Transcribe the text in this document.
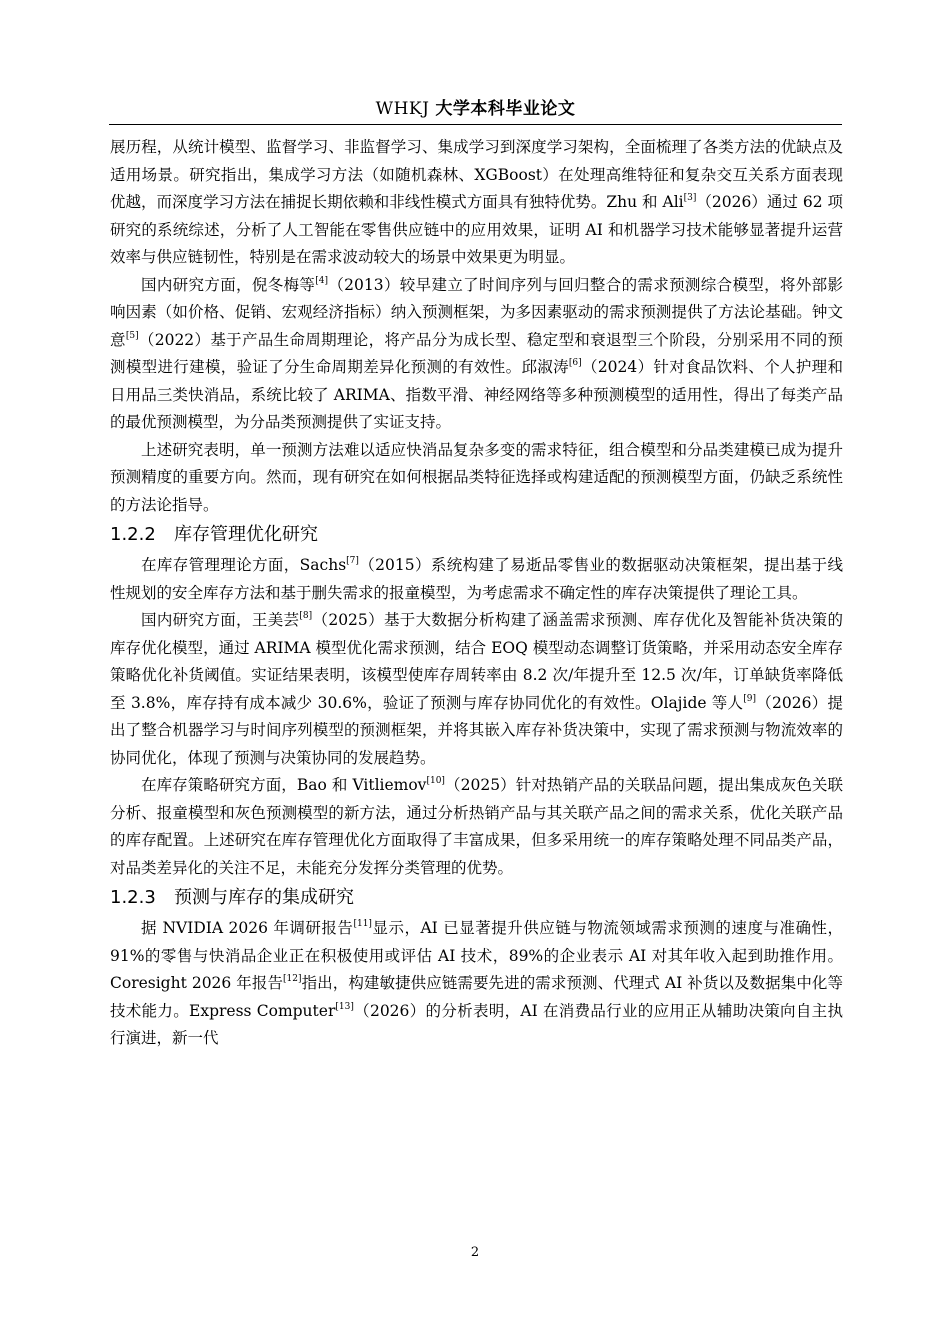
WHKJ 大学本科毕业论文

展历程，从统计模型、监督学习、非监督学习、集成学习到深度学习架构，全面梳理了各类方法的优缺点及适用场景。研究指出，集成学习方法（如随机森林、XGBoost）在处理高维特征和复杂交互关系方面表现优越，而深度学习方法在捕捉长期依赖和非线性模式方面具有独特优势。Zhu 和 Ali[3]（2026）通过 62 项研究的系统综述，分析了人工智能在零售供应链中的应用效果，证明 AI 和机器学习技术能够显著提升运营效率与供应链韧性，特别是在需求波动较大的场景中效果更为明显。

国内研究方面，倪冬梅等[4]（2013）较早建立了时间序列与回归整合的需求预测综合模型，将外部影响因素（如价格、促销、宏观经济指标）纳入预测框架，为多因素驱动的需求预测提供了方法论基础。钟文意[5]（2022）基于产品生命周期理论，将产品分为成长型、稳定型和衰退型三个阶段，分别采用不同的预测模型进行建模，验证了分生命周期差异化预测的有效性。邱淑涛[6]（2024）针对食品饮料、个人护理和日用品三类快消品，系统比较了 ARIMA、指数平滑、神经网络等多种预测模型的适用性，得出了每类产品的最优预测模型，为分品类预测提供了实证支持。

上述研究表明，单一预测方法难以适应快消品复杂多变的需求特征，组合模型和分品类建模已成为提升预测精度的重要方向。然而，现有研究在如何根据品类特征选择或构建适配的预测模型方面，仍缺乏系统性的方法论指导。

1.2.2 库存管理优化研究

在库存管理理论方面，Sachs[7]（2015）系统构建了易逝品零售业的数据驱动决策框架，提出基于线性规划的安全库存方法和基于删失需求的报童模型，为考虑需求不确定性的库存决策提供了理论工具。

国内研究方面，王美芸[8]（2025）基于大数据分析构建了涵盖需求预测、库存优化及智能补货决策的库存优化模型，通过 ARIMA 模型优化需求预测，结合 EOQ 模型动态调整订货策略，并采用动态安全库存策略优化补货阈值。实证结果表明，该模型使库存周转率由 8.2 次/年提升至 12.5 次/年，订单缺货率降低至 3.8%，库存持有成本减少 30.6%，验证了预测与库存协同优化的有效性。Olajide 等人[9]（2026）提出了整合机器学习与时间序列模型的预测框架，并将其嵌入库存补货决策中，实现了需求预测与物流效率的协同优化，体现了预测与决策协同的发展趋势。

在库存策略研究方面，Bao 和 Vitliemov[10]（2025）针对热销产品的关联品问题，提出集成灰色关联分析、报童模型和灰色预测模型的新方法，通过分析热销产品与其关联产品之间的需求关系，优化关联产品的库存配置。上述研究在库存管理优化方面取得了丰富成果，但多采用统一的库存策略处理不同品类产品，对品类差异化的关注不足，未能充分发挥分类管理的优势。

1.2.3 预测与库存的集成研究

据 NVIDIA 2026 年调研报告[11]显示，AI 已显著提升供应链与物流领域需求预测的速度与准确性，91%的零售与快消品企业正在积极使用或评估 AI 技术，89%的企业表示 AI 对其年收入起到助推作用。Coresight 2026 年报告[12]指出，构建敏捷供应链需要先进的需求预测、代理式 AI 补货以及数据集中化等技术能力。Express Computer[13]（2026）的分析表明，AI 在消费品行业的应用正从辅助决策向自主执行演进，新一代

2
